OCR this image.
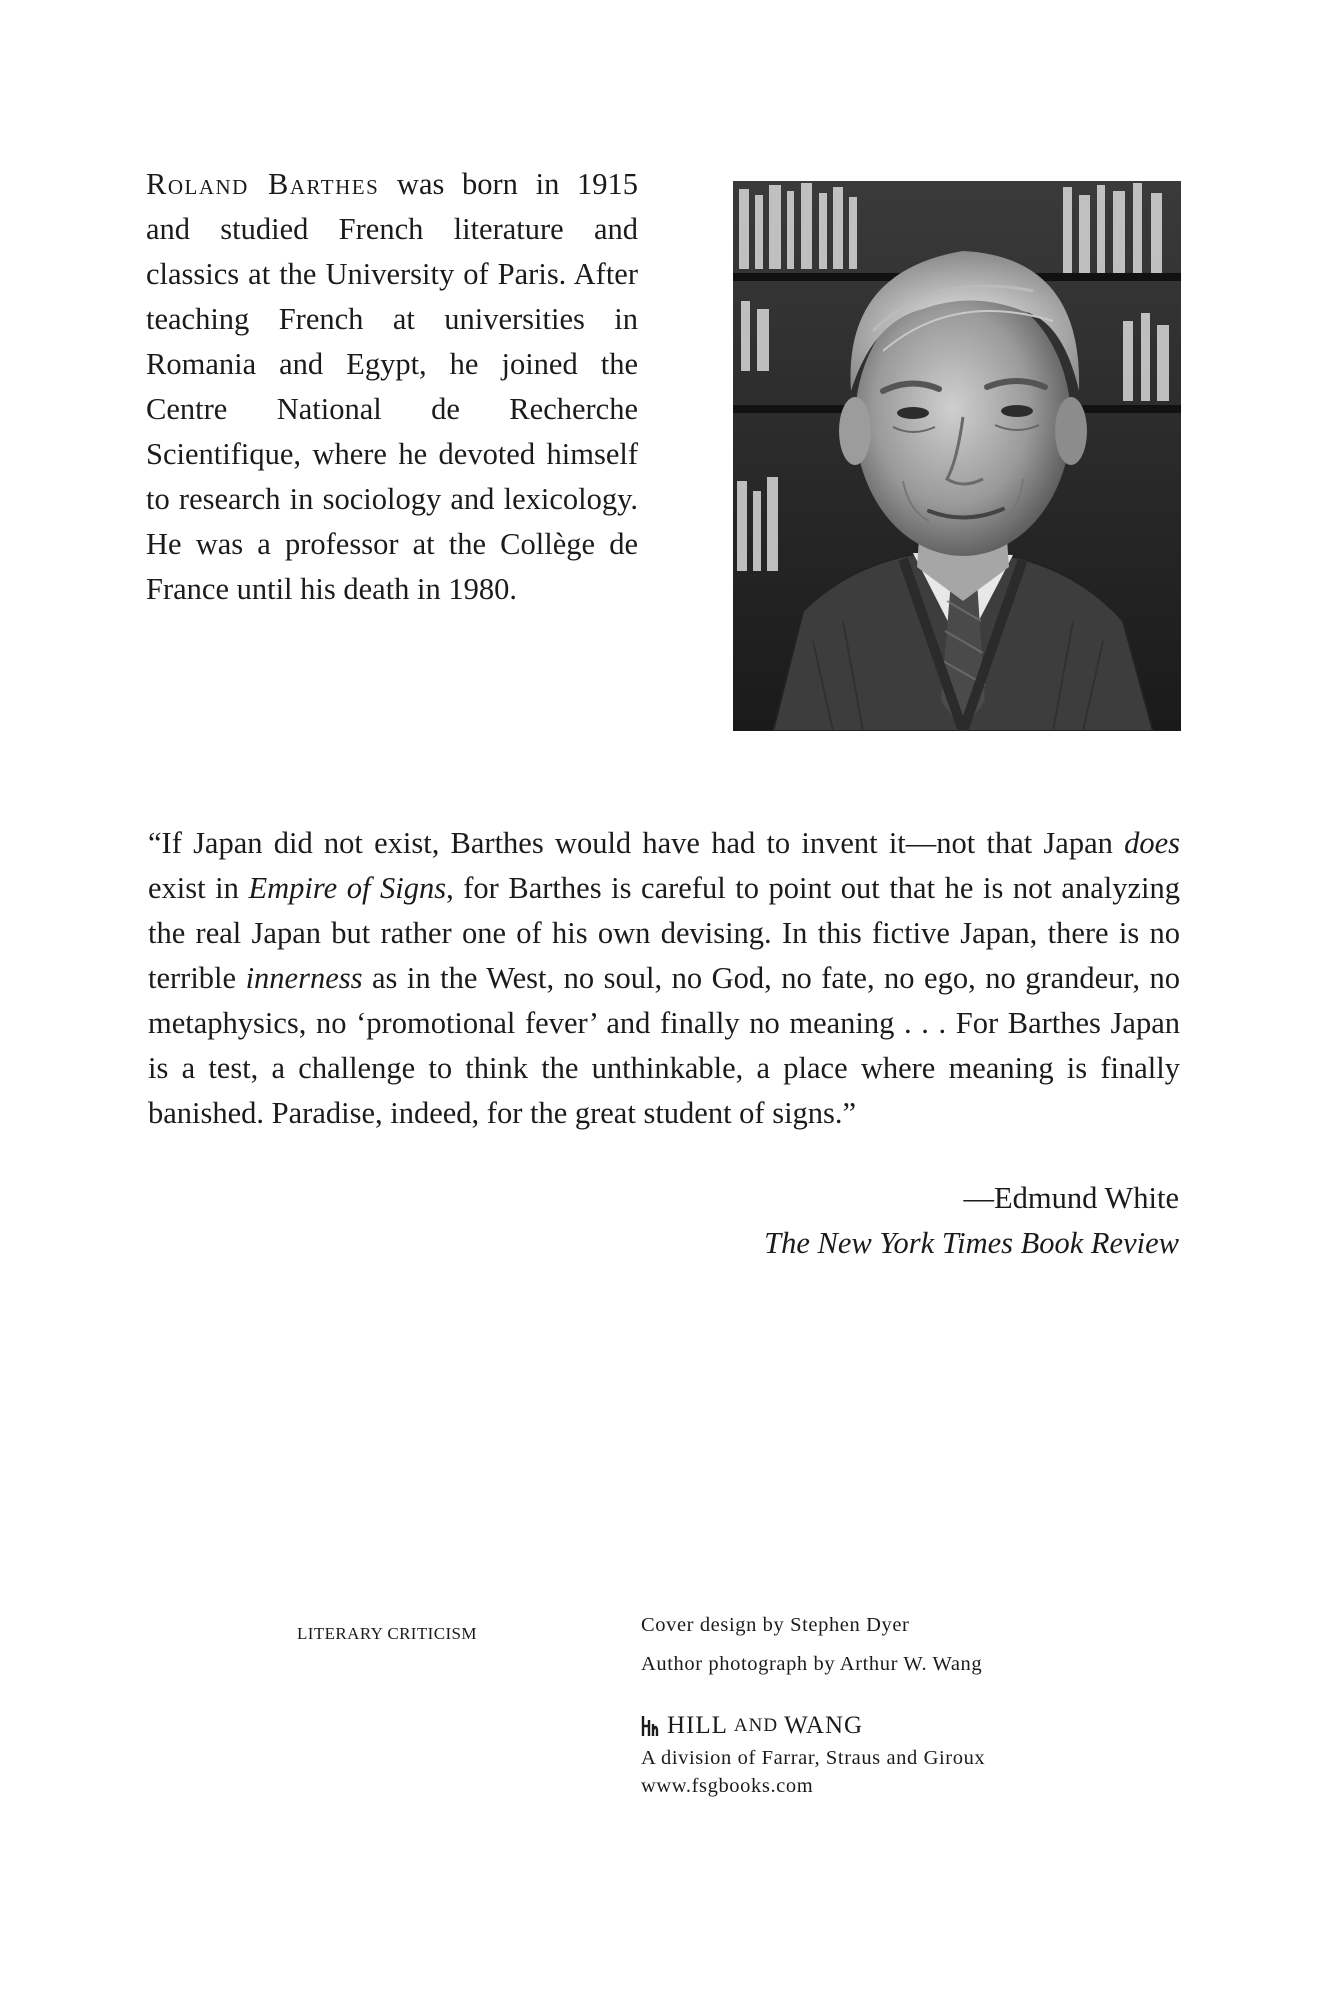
Roland Barthes was born in 1915 and studied French literature and classics at the University of Paris. After teaching French at universities in Romania and Egypt, he joined the Centre National de Recherche Scientifique, where he devoted himself to research in sociology and lexicology. He was a professor at the Collège de France until his death in 1980.

“If Japan did not exist, Barthes would have had to invent it—not that Japan does exist in Empire of Signs, for Barthes is careful to point out that he is not analyzing the real Japan but rather one of his own devising. In this fictive Japan, there is no terrible innerness as in the West, no soul, no God, no fate, no ego, no grandeur, no metaphysics, no ‘promotional fever’ and finally no meaning . . . For Barthes Japan is a test, a challenge to think the unthinkable, a place where meaning is finally banished. Paradise, indeed, for the great student of signs.”

—Edmund White
The New York Times Book Review
LITERARY CRITICISM	Cover design by Stephen Dyer
Author photograph by Arthur W. Wang
HILL AND WANG
A division of Farrar, Straus and Giroux
www.fsgbooks.com
